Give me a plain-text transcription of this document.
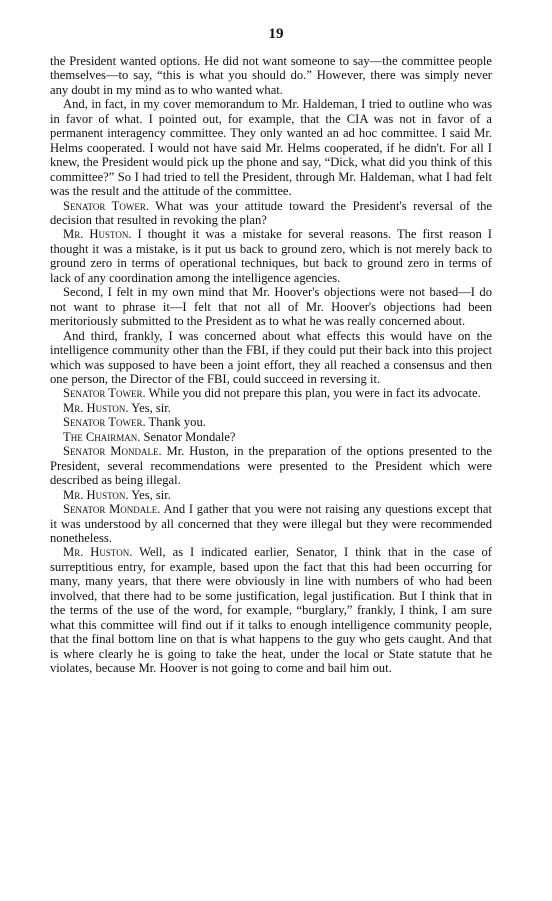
19

the President wanted options. He did not want someone to say—the committee people themselves—to say, “this is what you should do.” However, there was simply never any doubt in my mind as to who wanted what.

And, in fact, in my cover memorandum to Mr. Haldeman, I tried to outline who was in favor of what. I pointed out, for example, that the CIA was not in favor of a permanent interagency committee. They only wanted an ad hoc committee. I said Mr. Helms cooperated. I would not have said Mr. Helms cooperated, if he didn't. For all I knew, the President would pick up the phone and say, “Dick, what did you think of this committee?” So I had tried to tell the President, through Mr. Haldeman, what I had felt was the result and the attitude of the committee.

Senator Tower. What was your attitude toward the President's reversal of the decision that resulted in revoking the plan?

Mr. Huston. I thought it was a mistake for several reasons. The first reason I thought it was a mistake, is it put us back to ground zero, which is not merely back to ground zero in terms of operational techniques, but back to ground zero in terms of lack of any coordination among the intelligence agencies.

Second, I felt in my own mind that Mr. Hoover's objections were not based—I do not want to phrase it—I felt that not all of Mr. Hoover's objections had been meritoriously submitted to the President as to what he was really concerned about.

And third, frankly, I was concerned about what effects this would have on the intelligence community other than the FBI, if they could put their back into this project which was supposed to have been a joint effort, they all reached a consensus and then one person, the Director of the FBI, could succeed in reversing it.

Senator Tower. While you did not prepare this plan, you were in fact its advocate.

Mr. Huston. Yes, sir.

Senator Tower. Thank you.

The Chairman. Senator Mondale?

Senator Mondale. Mr. Huston, in the preparation of the options presented to the President, several recommendations were presented to the President which were described as being illegal.

Mr. Huston. Yes, sir.

Senator Mondale. And I gather that you were not raising any questions except that it was understood by all concerned that they were illegal but they were recommended nonetheless.

Mr. Huston. Well, as I indicated earlier, Senator, I think that in the case of surreptitious entry, for example, based upon the fact that this had been occurring for many, many years, that there were obviously in line with numbers of who had been involved, that there had to be some justification, legal justification. But I think that in the terms of the use of the word, for example, “burglary,” frankly, I think, I am sure what this committee will find out if it talks to enough intelligence community people, that the final bottom line on that is what happens to the guy who gets caught. And that is where clearly he is going to take the heat, under the local or State statute that he violates, because Mr. Hoover is not going to come and bail him out.
